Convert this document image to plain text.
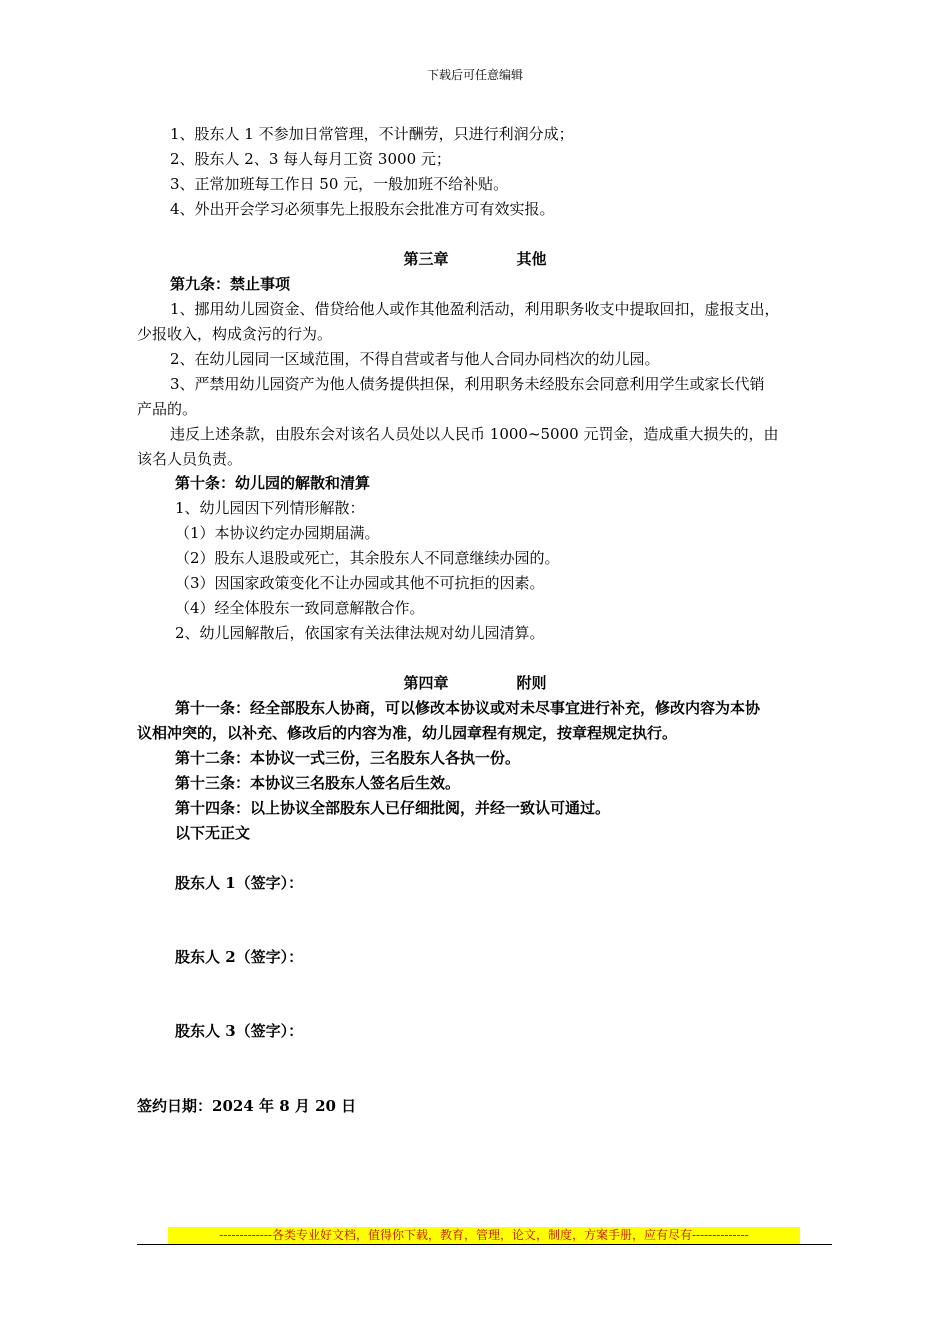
下载后可任意编辑
1、股东人 1 不参加日常管理，不计酬劳，只进行利润分成；
2、股东人 2、3 每人每月工资 3000 元；
3、正常加班每工作日 50 元，一般加班不给补贴。
4、外出开会学习必须事先上报股东会批准方可有效实报。
第三章	其他
第九条：禁止事项
1、挪用幼儿园资金、借贷给他人或作其他盈利活动，利用职务收支中提取回扣，虚报支出，
少报收入，构成贪污的行为。
2、在幼儿园同一区域范围，不得自营或者与他人合同办同档次的幼儿园。
3、严禁用幼儿园资产为他人债务提供担保，利用职务未经股东会同意利用学生或家长代销
产品的。
违反上述条款，由股东会对该名人员处以人民币 1000~5000 元罚金，造成重大损失的，由
该名人员负责。
第十条：幼儿园的解散和清算
1、幼儿园因下列情形解散：
（1）本协议约定办园期届满。
（2）股东人退股或死亡，其余股东人不同意继续办园的。
（3）因国家政策变化不让办园或其他不可抗拒的因素。
（4）经全体股东一致同意解散合作。
2、幼儿园解散后，依国家有关法律法规对幼儿园清算。
第四章	附则
第十一条：经全部股东人协商，可以修改本协议或对未尽事宜进行补充，修改内容为本协
议相冲突的，以补充、修改后的内容为准，幼儿园章程有规定，按章程规定执行。
第十二条：本协议一式三份，三名股东人各执一份。
第十三条：本协议三名股东人签名后生效。
第十四条：以上协议全部股东人已仔细批阅，并经一致认可通过。
以下无正文
股东人 1（签字）：
股东人 2（签字）：
股东人 3（签字）：
签约日期：2024 年 8 月 20 日
-------------各类专业好文档，值得你下载，教育，管理，论文，制度，方案手册，应有尽有--------------
